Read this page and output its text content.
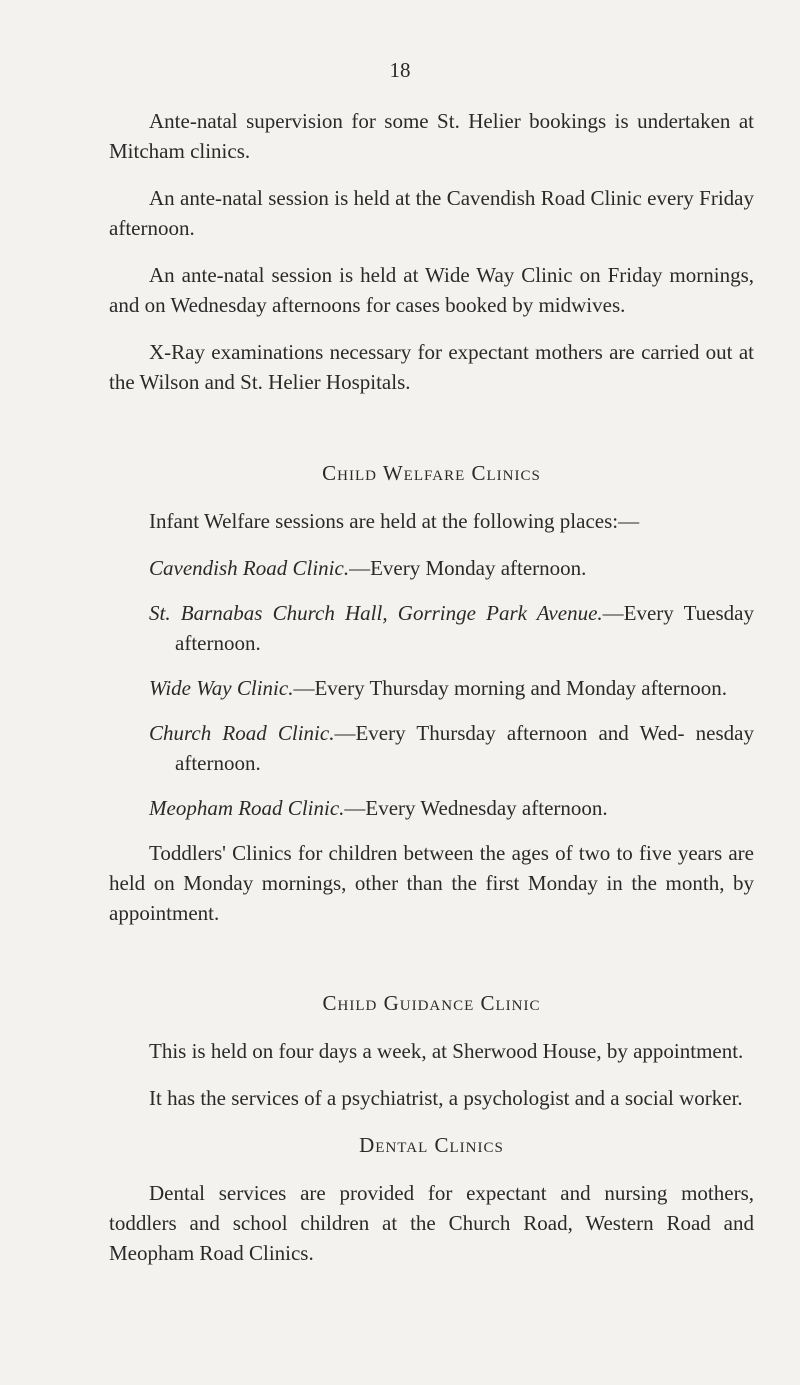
18

Ante-natal supervision for some St. Helier bookings is undertaken at Mitcham clinics.

An ante-natal session is held at the Cavendish Road Clinic every Friday afternoon.

An ante-natal session is held at Wide Way Clinic on Friday mornings, and on Wednesday afternoons for cases booked by midwives.

X-Ray examinations necessary for expectant mothers are carried out at the Wilson and St. Helier Hospitals.

Child Welfare Clinics

Infant Welfare sessions are held at the following places:—

Cavendish Road Clinic.—Every Monday afternoon.
St. Barnabas Church Hall, Gorringe Park Avenue.—Every Tuesday afternoon.
Wide Way Clinic.—Every Thursday morning and Monday afternoon.
Church Road Clinic.—Every Thursday afternoon and Wed- nesday afternoon.
Meopham Road Clinic.—Every Wednesday afternoon.

Toddlers' Clinics for children between the ages of two to five years are held on Monday mornings, other than the first Monday in the month, by appointment.

Child Guidance Clinic

This is held on four days a week, at Sherwood House, by appointment.

It has the services of a psychiatrist, a psychologist and a social worker.

Dental Clinics

Dental services are provided for expectant and nursing mothers, toddlers and school children at the Church Road, Western Road and Meopham Road Clinics.
